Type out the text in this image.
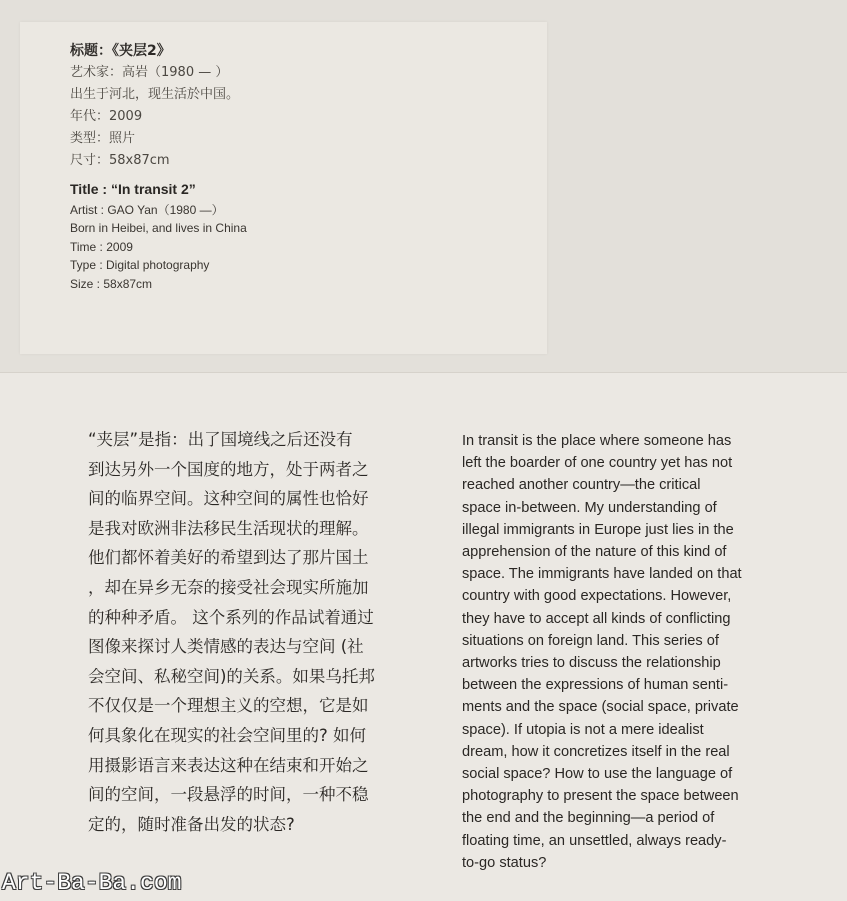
标题：《夹层2》
艺术家：高岩（1980 — ）
出生于河北，现生活於中国。
年代：2009
类型：照片
尺寸：58x87cm
Title : “In transit 2”
Artist : GAO Yan（1980 —）
Born in Heibei, and lives in China
Time : 2009
Type : Digital photography
Size : 58x87cm
“夹层”是指：出了国境线之后还没有
到达另外一个国度的地方，处于两者之
间的临界空间。这种空间的属性也恰好
是我对欧洲非法移民生活现状的理解。
他们都怀着美好的希望到达了那片国土
，却在异乡无奈的接受社会现实所施加
的种种矛盾。 这个系列的作品试着通过
图像来探讨人类情感的表达与空间 (社
会空间、私秘空间)的关系。如果乌托邦
不仅仅是一个理想主义的空想，它是如
何具象化在现实的社会空间里的? 如何
用摄影语言来表达这种在结束和开始之
间的空间，一段悬浮的时间，一种不稳
定的，随时准备出发的状态?
In transit is the place where someone has
left the boarder of one country yet has not
reached another country—the critical
space in-between. My understanding of
illegal immigrants in Europe just lies in the
apprehension of the nature of this kind of
space. The immigrants have landed on that
country with good expectations. However,
they have to accept all kinds of conflicting
situations on foreign land. This series of
artworks tries to discuss the relationship
between the expressions of human senti-
ments and the space (social space, private
space). If utopia is not a mere idealist
dream, how it concretizes itself in the real
social space? How to use the language of
photography to present the space between
the end and the beginning—a period of
floating time, an unsettled, always ready-
to-go status?
Art-Ba-Ba.com
